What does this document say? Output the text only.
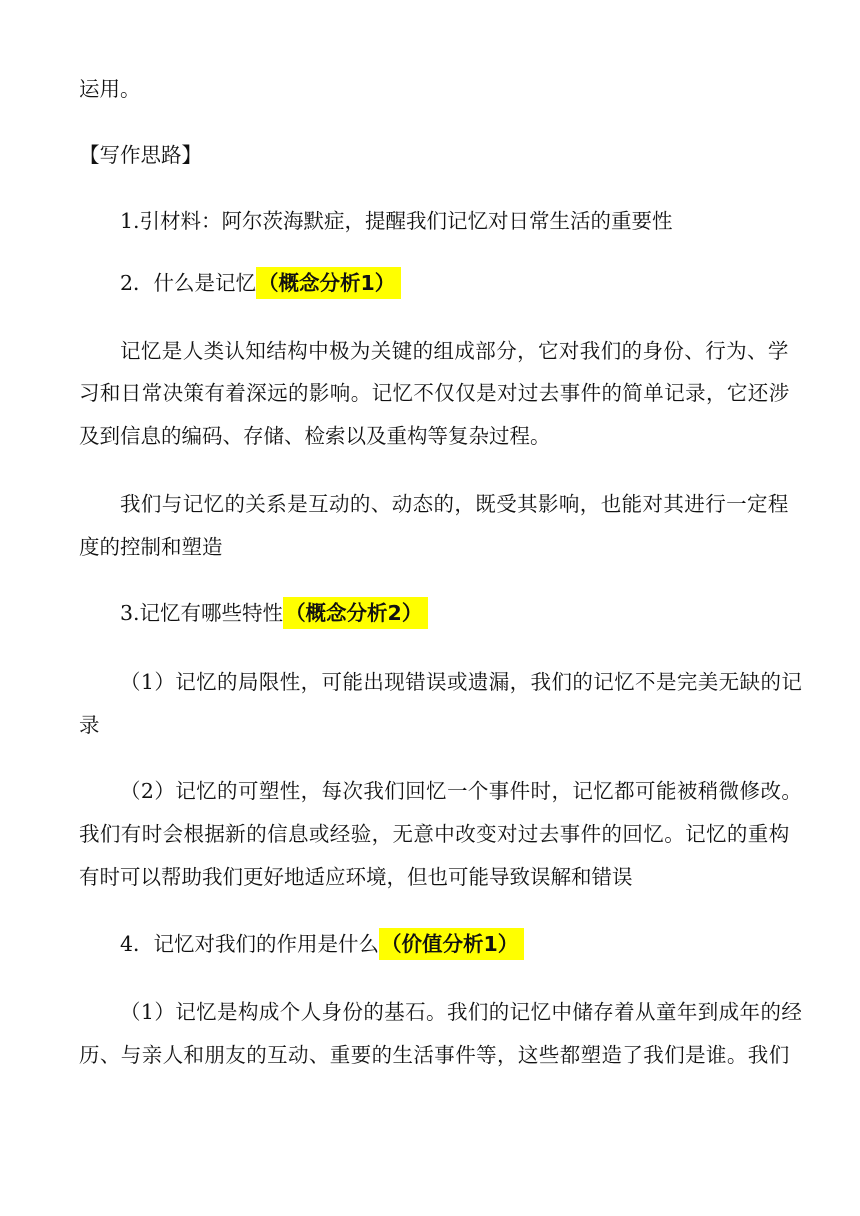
运用。
【写作思路】
1.引材料：阿尔茨海默症，提醒我们记忆对日常生活的重要性
2．什么是记忆（概念分析1）
记忆是人类认知结构中极为关键的组成部分，它对我们的身份、行为、学
习和日常决策有着深远的影响。记忆不仅仅是对过去事件的简单记录，它还涉
及到信息的编码、存储、检索以及重构等复杂过程。
我们与记忆的关系是互动的、动态的，既受其影响，也能对其进行一定程
度的控制和塑造
3.记忆有哪些特性（概念分析2）
（1）记忆的局限性，可能出现错误或遗漏，我们的记忆不是完美无缺的记
录
（2）记忆的可塑性，每次我们回忆一个事件时，记忆都可能被稍微修改。
我们有时会根据新的信息或经验，无意中改变对过去事件的回忆。记忆的重构
有时可以帮助我们更好地适应环境，但也可能导致误解和错误
4．记忆对我们的作用是什么（价值分析1）
（1）记忆是构成个人身份的基石。我们的记忆中储存着从童年到成年的经
历、与亲人和朋友的互动、重要的生活事件等，这些都塑造了我们是谁。我们
